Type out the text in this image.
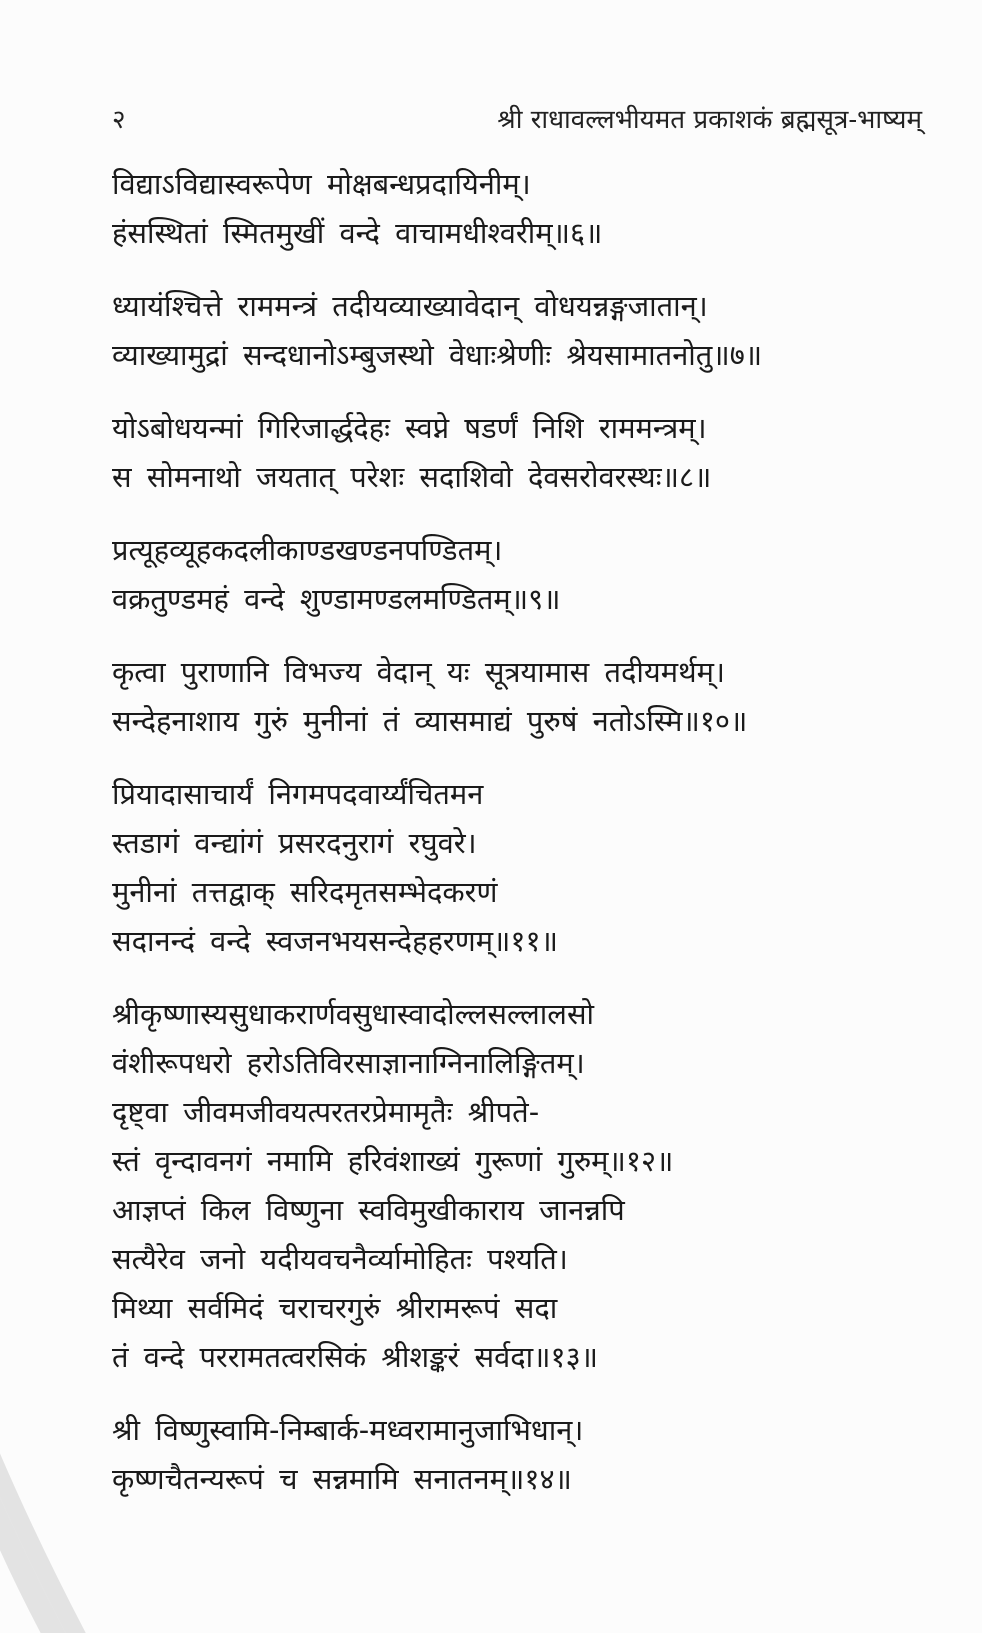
२	श्री राधावल्लभीयमत प्रकाशकं ब्रह्मसूत्र-भाष्यम्
विद्याऽविद्यास्वरूपेण मोक्षबन्धप्रदायिनीम्।
हंसस्थितां स्मितमुखीं वन्दे वाचामधीश्वरीम्॥६॥
ध्यायंश्चित्ते राममन्त्रं तदीयव्याख्यावेदान् वोधयन्नङ्गजातान्।
व्याख्यामुद्रां सन्दधानोऽम्बुजस्थो वेधाःश्रेणीः श्रेयसामातनोतु॥७॥
योऽबोधयन्मां गिरिजार्द्धदेहः स्वप्ने षडर्णं निशि राममन्त्रम्।
स सोमनाथो जयतात् परेशः सदाशिवो देवसरोवरस्थः॥८॥
प्रत्यूहव्यूहकदलीकाण्डखण्डनपण्डितम्।
वक्रतुण्डमहं वन्दे शुण्डामण्डलमण्डितम्॥९॥
कृत्वा पुराणानि विभज्य वेदान् यः सूत्रयामास तदीयमर्थम्।
सन्देहनाशाय गुरुं मुनीनां तं व्यासमाद्यं पुरुषं नतोऽस्मि॥१०॥
प्रियादासाचार्यं निगमपदवार्य्यंचितमन
स्तडागं वन्द्यांगं प्रसरदनुरागं रघुवरे।
मुनीनां तत्तद्वाक् सरिदमृतसम्भेदकरणं
सदानन्दं वन्दे स्वजनभयसन्देहहरणम्॥११॥
श्रीकृष्णास्यसुधाकरार्णवसुधास्वादोल्लसल्लालसो
वंशीरूपधरो हरोऽतिविरसाज्ञानाग्निनालिङ्गितम्।
दृष्ट्वा जीवमजीवयत्परतरप्रेमामृतैः श्रीपते-
स्तं वृन्दावनगं नमामि हरिवंशाख्यं गुरूणां गुरुम्॥१२॥
आज्ञप्तं किल विष्णुना स्वविमुखीकाराय जानन्नपि
सत्यैरेव जनो यदीयवचनैर्व्यामोहितः पश्यति।
मिथ्या सर्वमिदं चराचरगुरुं श्रीरामरूपं सदा
तं वन्दे पररामतत्वरसिकं श्रीशङ्करं सर्वदा॥१३॥
श्री विष्णुस्वामि-निम्बार्क-मध्वरामानुजाभिधान्।
कृष्णचैतन्यरूपं च सन्नमामि सनातनम्॥१४॥
